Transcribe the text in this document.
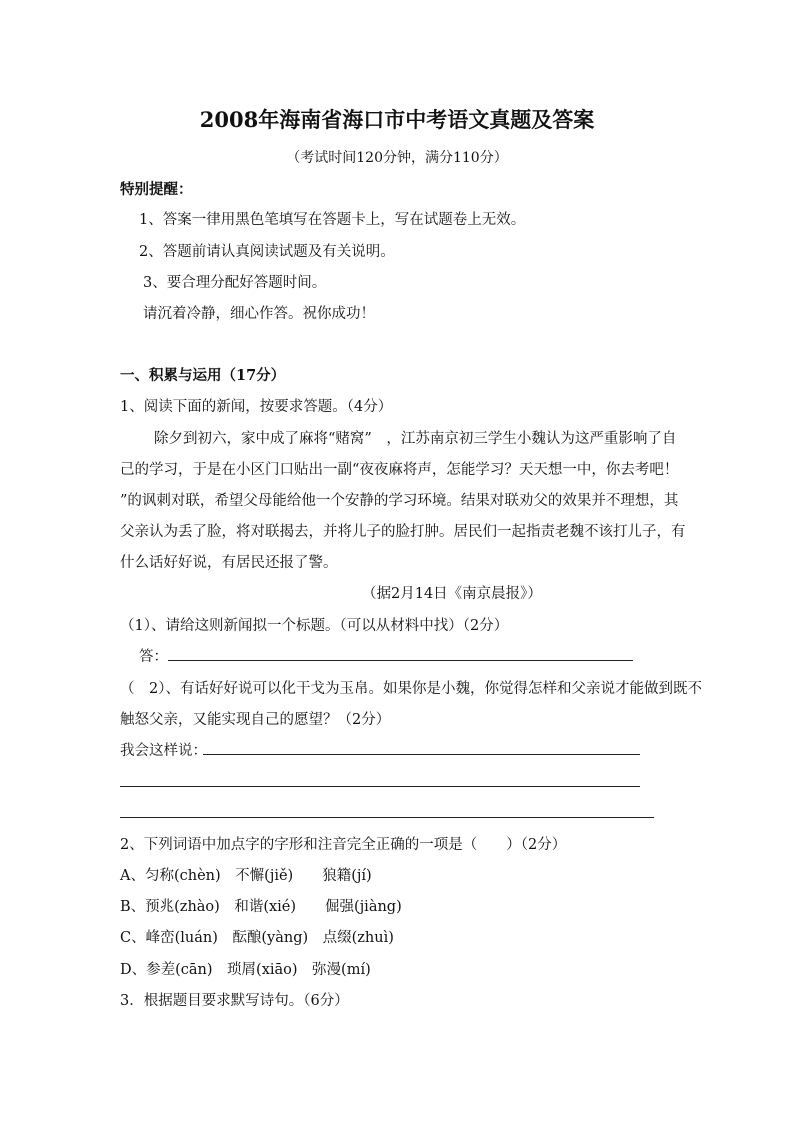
2008年海南省海口市中考语文真题及答案
（考试时间120分钟，满分110分）
特别提醒：
1、答案一律用黑色笔填写在答题卡上，写在试题卷上无效。
2、答题前请认真阅读试题及有关说明。
3、要合理分配好答题时间。
请沉着冷静，细心作答。祝你成功！
一、积累与运用（17分）
1、阅读下面的新闻，按要求答题。（4分）
除夕到初六，家中成了麻将“赌窝”　，江苏南京初三学生小魏认为这严重影响了自
己的学习，于是在小区门口贴出一副“夜夜麻将声，怎能学习？天天想一中，你去考吧！
”的讽刺对联，希望父母能给他一个安静的学习环境。结果对联劝父的效果并不理想，其
父亲认为丢了脸，将对联揭去，并将儿子的脸打肿。居民们一起指责老魏不该打儿子，有
什么话好好说，有居民还报了警。
（据2月14日《南京晨报》）
（1）、请给这则新闻拟一个标题。（可以从材料中找）（2分）
答：
（　2）、有话好好说可以化干戈为玉帛。如果你是小魏，你觉得怎样和父亲说才能做到既不
触怒父亲，又能实现自己的愿望？（2分）
我会这样说：
2、下列词语中加点字的字形和注音完全正确的一项是（　　）（2分）
A、匀称(chèn)　不懈(jiě)　　狼籍(jí)
B、预兆(zhào)　和谐(xié)　　倔强(jiàng)
C、峰峦(luán)　酝酿(yàng)　点缀(zhuì)
D、参差(cān)　琐屑(xiāo)　弥漫(mí)
3．根据题目要求默写诗句。（6分）
